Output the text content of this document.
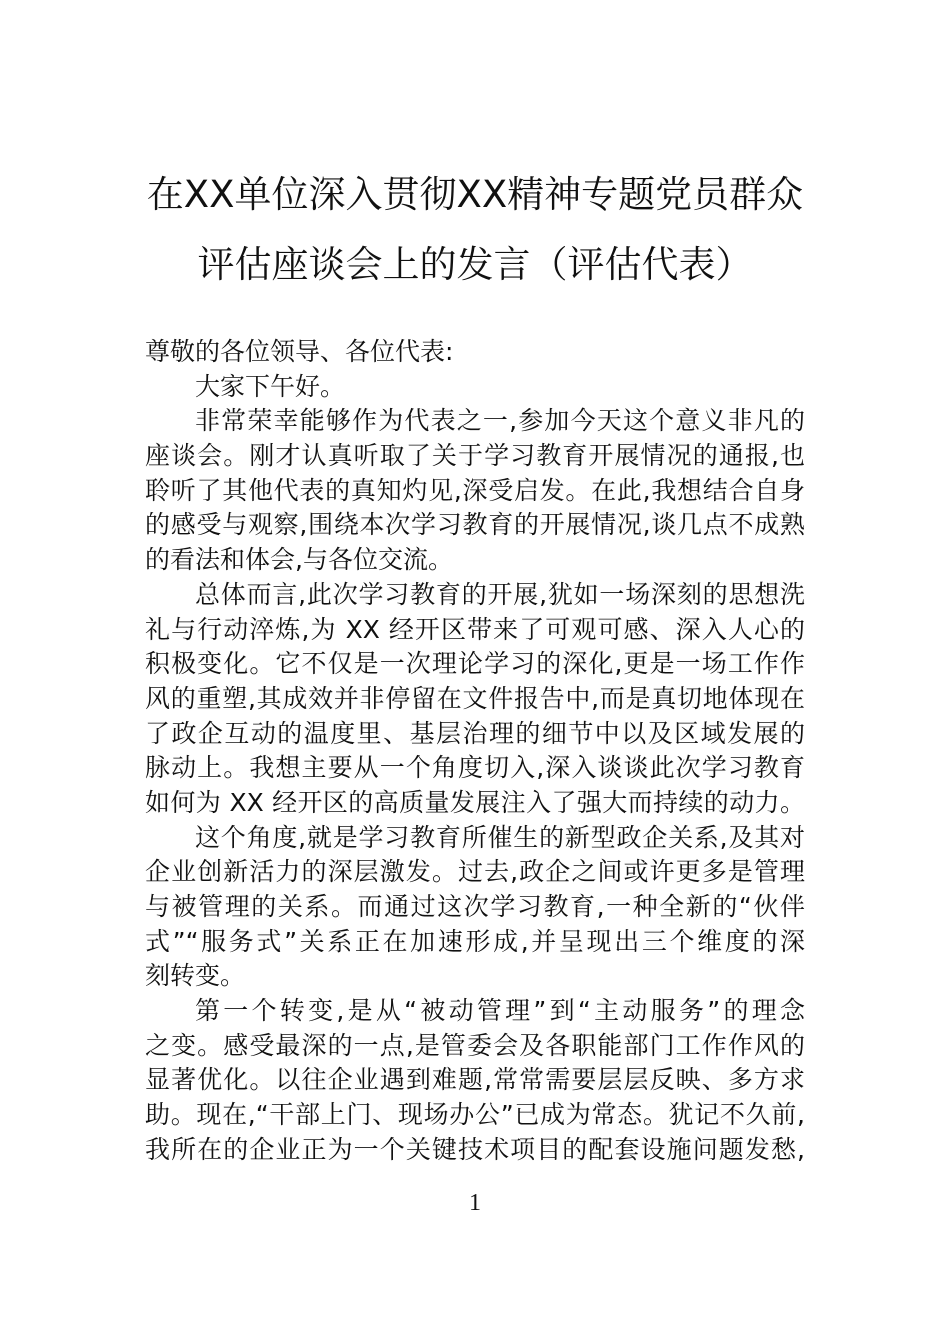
在XX单位深入贯彻XX精神专题党员群众
评估座谈会上的发言（评估代表）
尊敬的各位领导、各位代表:
大家下午好。
非常荣幸能够作为代表之一,参加今天这个意义非凡的
座谈会。刚才认真听取了关于学习教育开展情况的通报,也
聆听了其他代表的真知灼见,深受启发。在此,我想结合自身
的感受与观察,围绕本次学习教育的开展情况,谈几点不成熟
的看法和体会,与各位交流。
总体而言,此次学习教育的开展,犹如一场深刻的思想洗
礼与行动淬炼,为 XX 经开区带来了可观可感、深入人心的
积极变化。它不仅是一次理论学习的深化,更是一场工作作
风的重塑,其成效并非停留在文件报告中,而是真切地体现在
了政企互动的温度里、基层治理的细节中以及区域发展的
脉动上。我想主要从一个角度切入,深入谈谈此次学习教育
如何为 XX 经开区的高质量发展注入了强大而持续的动力。
这个角度,就是学习教育所催生的新型政企关系,及其对
企业创新活力的深层激发。过去,政企之间或许更多是管理
与被管理的关系。而通过这次学习教育,一种全新的“伙伴
式”“服务式”关系正在加速形成,并呈现出三个维度的深
刻转变。
第一个转变,是从“被动管理”到“主动服务”的理念
之变。感受最深的一点,是管委会及各职能部门工作作风的
显著优化。以往企业遇到难题,常常需要层层反映、多方求
助。现在,“干部上门、现场办公”已成为常态。犹记不久前,
我所在的企业正为一个关键技术项目的配套设施问题发愁,
1
